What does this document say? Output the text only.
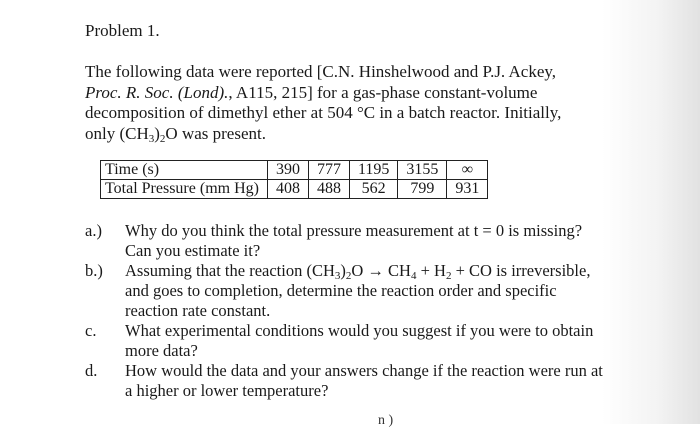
Problem 1.

The following data were reported [C.N. Hinshelwood and P.J. Ackey,
Proc. R. Soc. (Lond)., A115, 215] for a gas-phase constant-volume
decomposition of dimethyl ether at 504 °C in a batch reactor. Initially,
only $(CH_3)_2O$ was present.

Time (s)	390	777	1195	3155	∞
Total Pressure (mm Hg)	408	488	562	799	931
a.)	Why do you think the total pressure measurement at t = 0 is missing? Can you estimate it?
b.)	Assuming that the reaction $(CH_3)_2O \to CH_4 + H_2$ + CO is irreversible, and goes to completion, determine the reaction order and specific reaction rate constant.
c.	What experimental conditions would you suggest if you were to obtain more data?
d.	How would the data and your answers change if the reaction were run at a higher or lower temperature?
n )
